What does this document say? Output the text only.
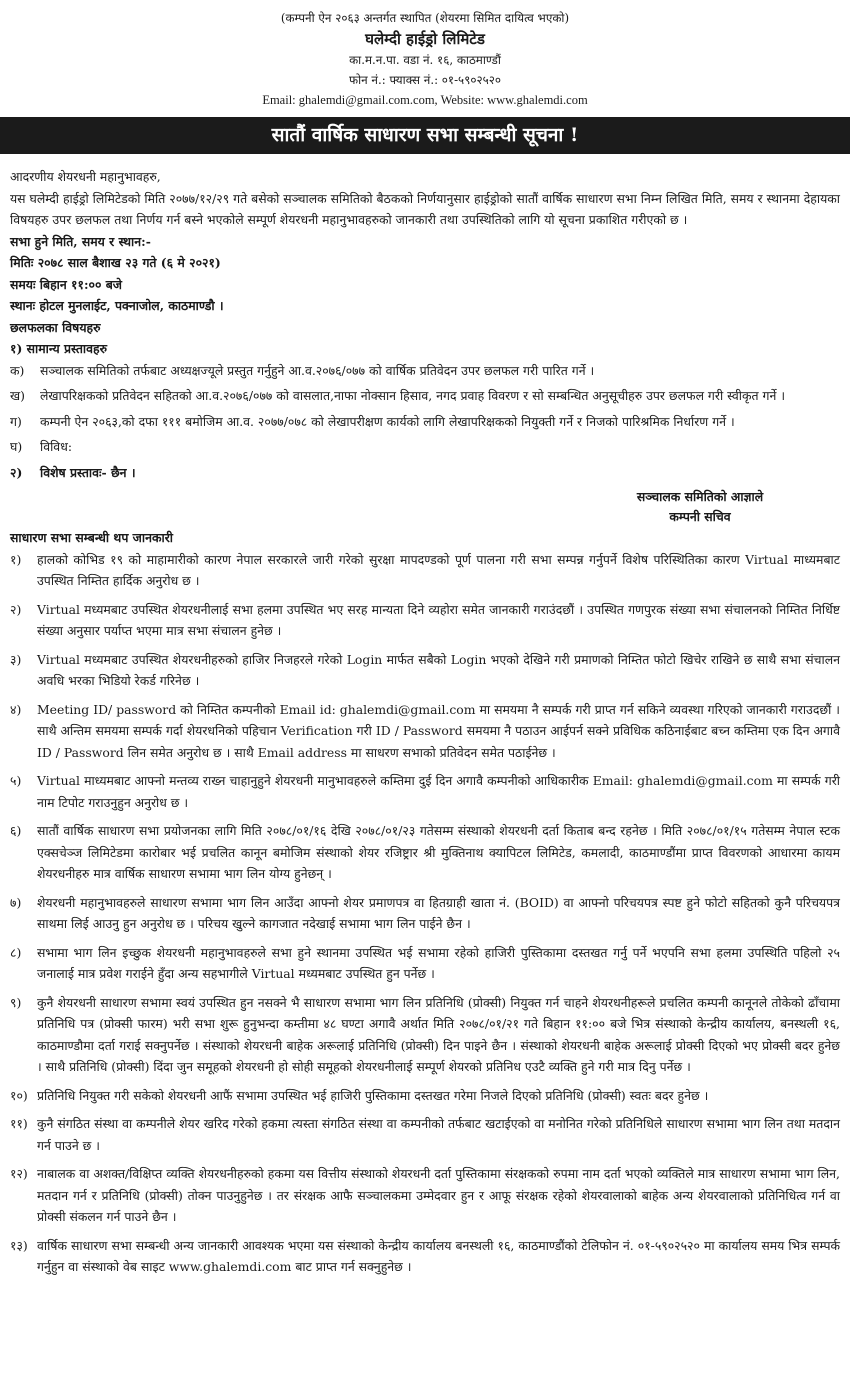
(कम्पनी ऐन २०६३ अन्तर्गत स्थापित (शेयरमा सिमित दायित्व भएको)
घलेम्दी हाईड्रो लिमिटेड
का.म.न.पा. वडा नं. १६, काठमाण्डौं
फोन नं.: फ्याक्स नं.: ०१-५९०२५२०
Email: ghalemdi@gmail.com.com, Website: www.ghalemdi.com
सातौं वार्षिक साधारण सभा सम्बन्धी सूचना !

आदरणीय शेयरधनी महानुभावहरु,

यस घलेम्दी हाईड्रो लिमिटेडको मिति २०७७/१२/२९ गते बसेको सञ्चालक समितिको बैठकको निर्णयानुसार हाईड्रोको सातौं वार्षिक साधारण सभा निम्न लिखित मिति, समय र स्थानमा देहायका विषयहरु उपर छलफल तथा निर्णय गर्न बस्ने भएकोले सम्पूर्ण शेयरधनी महानुभावहरुको जानकारी तथा उपस्थितिको लागि यो सूचना प्रकाशित गरीएको छ ।

सभा हुने मिति, समय र स्थान:-

मितिः २०७८ साल बैशाख २३ गते (६ मे २०२१)

समयः बिहान ११:०० बजे

स्थानः होटल मुनलाईट, पक्नाजोल, काठमाण्डौ ।

छलफलका विषयहरु

१) सामान्य प्रस्तावहरु

क)	सञ्चालक समितिको तर्फबाट अध्यक्षज्यूले प्रस्तुत गर्नुहुने आ.व.२०७६/०७७ को वार्षिक प्रतिवेदन उपर छलफल गरी पारित गर्ने ।
ख)	लेखापरिक्षकको प्रतिवेदन सहितको आ.व.२०७६/०७७ को वासलात,नाफा नोक्सान हिसाव, नगद प्रवाह विवरण र सो सम्बन्धित अनुसूचीहरु उपर छलफल गरी स्वीकृत गर्ने ।
ग)	कम्पनी ऐन २०६३,को दफा १११ बमोजिम आ.व. २०७७/०७८ को लेखापरीक्षण कार्यको लागि लेखापरिक्षकको नियुक्ती गर्ने र निजको पारिश्रमिक निर्धारण गर्ने ।
घ)	विविध:
२)	विशेष प्रस्तावः- छैन ।
सञ्चालक समितिको आज्ञाले
कम्पनी सचिव

साधारण सभा सम्बन्धी थप जानकारी

१)	हालको कोभिड १९ को माहामारीको कारण नेपाल सरकारले जारी गरेको सुरक्षा मापदण्डको पूर्ण पालना गरी सभा सम्पन्न गर्नुपर्ने विशेष परिस्थितिका कारण Virtual माध्यमबाट उपस्थित निम्तित हार्दिक अनुरोध छ ।
२)	Virtual मध्यमबाट उपस्थित शेयरधनीलाई सभा हलमा उपस्थित भए सरह मान्यता दिने व्यहोरा समेत जानकारी गराउंदछौं । उपस्थित गणपुरक संख्या सभा संचालनको निम्तित निर्धिष्ट संख्या अनुसार पर्याप्त भएमा मात्र सभा संचालन हुनेछ ।
३)	Virtual मध्यमबाट उपस्थित शेयरधनीहरुको हाजिर निजहरले गरेको Login मार्फत सबैको Login भएको देखिने गरी प्रमाणको निम्तित फोटो खिचेर राखिने छ साथै सभा संचालन अवधि भरका भिडियो रेकर्ड गरिनेछ ।
४)	Meeting ID/ password को निम्तित कम्पनीको Email id: ghalemdi@gmail.com मा समयमा नै सम्पर्क गरी प्राप्त गर्न सकिने व्यवस्था गरिएको जानकारी गराउदछौं । साथै अन्तिम समयमा सम्पर्क गर्दा शेयरधनिको पहिचान Verification गरी ID / Password समयमा नै पठाउन आईपर्न सक्ने प्रविधिक कठिनाईबाट बच्न कम्तिमा एक दिन अगावै ID / Password लिन समेत अनुरोध छ । साथै Email address मा साधरण सभाको प्रतिवेदन समेत पठाईनेछ ।
५)	Virtual माध्यमबाट आफ्नो मन्तव्य राख्न चाहानुहुने शेयरधनी मानुभावहरुले कम्तिमा दुई दिन अगावै कम्पनीको आधिकारीक Email: ghalemdi@gmail.com मा सम्पर्क गरी नाम टिपोट गराउनुहुन अनुरोध छ ।
६)	सातौं वार्षिक साधारण सभा प्रयोजनका लागि मिति २०७८/०१/१६ देखि २०७८/०१/२३ गतेसम्म संस्थाको शेयरधनी दर्ता किताब बन्द रहनेछ । मिति २०७८/०१/१५ गतेसम्म नेपाल स्टक एक्सचेञ्ज लिमिटेडमा कारोबार भई प्रचलित कानून बमोजिम संस्थाको शेयर रजिष्ट्रार श्री मुक्तिनाथ क्यापिटल लिमिटेड, कमलादी, काठमाण्डौंमा प्राप्त विवरणको आधारमा कायम शेयरधनीहरु मात्र वार्षिक साधारण सभामा भाग लिन योग्य हुनेछन् ।
७)	शेयरधनी महानुभावहरुले साधारण सभामा भाग लिन आउँदा आफ्नो शेयर प्रमाणपत्र वा हितग्राही खाता नं. (BOID) वा आफ्नो परिचयपत्र स्पष्ट हुने फोटो सहितको कुनै परिचयपत्र साथमा लिई आउनु हुन अनुरोध छ । परिचय खुल्ने कागजात नदेखाई सभामा भाग लिन पाईने छैन ।
८)	सभामा भाग लिन इच्छुक शेयरधनी महानुभावहरुले सभा हुने स्थानमा उपस्थित भई सभामा रहेको हाजिरी पुस्तिकामा दस्तखत गर्नु पर्ने भएपनि सभा हलमा उपस्थिति पहिलो २५ जनालाई मात्र प्रवेश गराईने हुँदा अन्य सहभागीले Virtual मध्यमबाट उपस्थित हुन पर्नेछ ।
९)	कुनै शेयरधनी साधारण सभामा स्वयं उपस्थित हुन नसक्ने भै साधारण सभामा भाग लिन प्रतिनिधि (प्रोक्सी) नियुक्त गर्न चाहने शेयरधनीहरूले प्रचलित कम्पनी कानूनले तोकेको ढाँचामा प्रतिनिधि पत्र (प्रोक्सी फारम) भरी सभा शुरू हुनुभन्दा कम्तीमा ४८ घण्टा अगावै अर्थात मिति २०७८/०१/२१ गते बिहान ११:०० बजे भित्र संस्थाको केन्द्रीय कार्यालय, बनस्थली १६, काठमाण्डौमा दर्ता गराई सक्नुपर्नेछ । संस्थाको शेयरधनी बाहेक अरूलाई प्रतिनिधि (प्रोक्सी) दिन पाइने छैन । संस्थाको शेयरधनी बाहेक अरूलाई प्रोक्सी दिएको भए प्रोक्सी बदर हुनेछ । साथै प्रतिनिधि (प्रोक्सी) दिंदा जुन समूहको शेयरधनी हो सोही समूहको शेयरधनीलाई सम्पूर्ण शेयरको प्रतिनिध एउटै व्यक्ति हुने गरी मात्र दिनु पर्नेछ ।
१०) प्रतिनिधि नियुक्त गरी सकेको शेयरधनी आफैं सभामा उपस्थित भई हाजिरी पुस्तिकामा दस्तखत गरेमा निजले दिएको प्रतिनिधि (प्रोक्सी) स्वतः बदर हुनेछ ।
११) कुनै संगठित संस्था वा कम्पनीले शेयर खरिद गरेको हकमा त्यस्ता संगठित संस्था वा कम्पनीको तर्फबाट खटाईएको वा मनोनित गरेको प्रतिनिधिले साधारण सभामा भाग लिन तथा मतदान गर्न पाउने छ ।
१२) नाबालक वा अशक्त/विक्षिप्त व्यक्ति शेयरधनीहरुको हकमा यस वित्तीय संस्थाको शेयरधनी दर्ता पुस्तिकामा संरक्षकको रुपमा नाम दर्ता भएको व्यक्तिले मात्र साधारण सभामा भाग लिन, मतदान गर्न र प्रतिनिधि (प्रोक्सी) तोक्न पाउनुहुनेछ । तर संरक्षक आफै सञ्चालकमा उम्मेदवार हुन र आफू संरक्षक रहेको शेयरवालाको बाहेक अन्य शेयरवालाको प्रतिनिधित्व गर्न वा प्रोक्सी संकलन गर्न पाउने छैन ।
१३) वार्षिक साधारण सभा सम्बन्धी अन्य जानकारी आवश्यक भएमा यस संस्थाको केन्द्रीय कार्यालय बनस्थली १६, काठमाण्डौंको टेलिफोन नं. ०१-५९०२५२० मा कार्यालय समय भित्र सम्पर्क गर्नुहुन वा संस्थाको वेब साइट www.ghalemdi.com बाट प्राप्त गर्न सक्नुहुनेछ ।
